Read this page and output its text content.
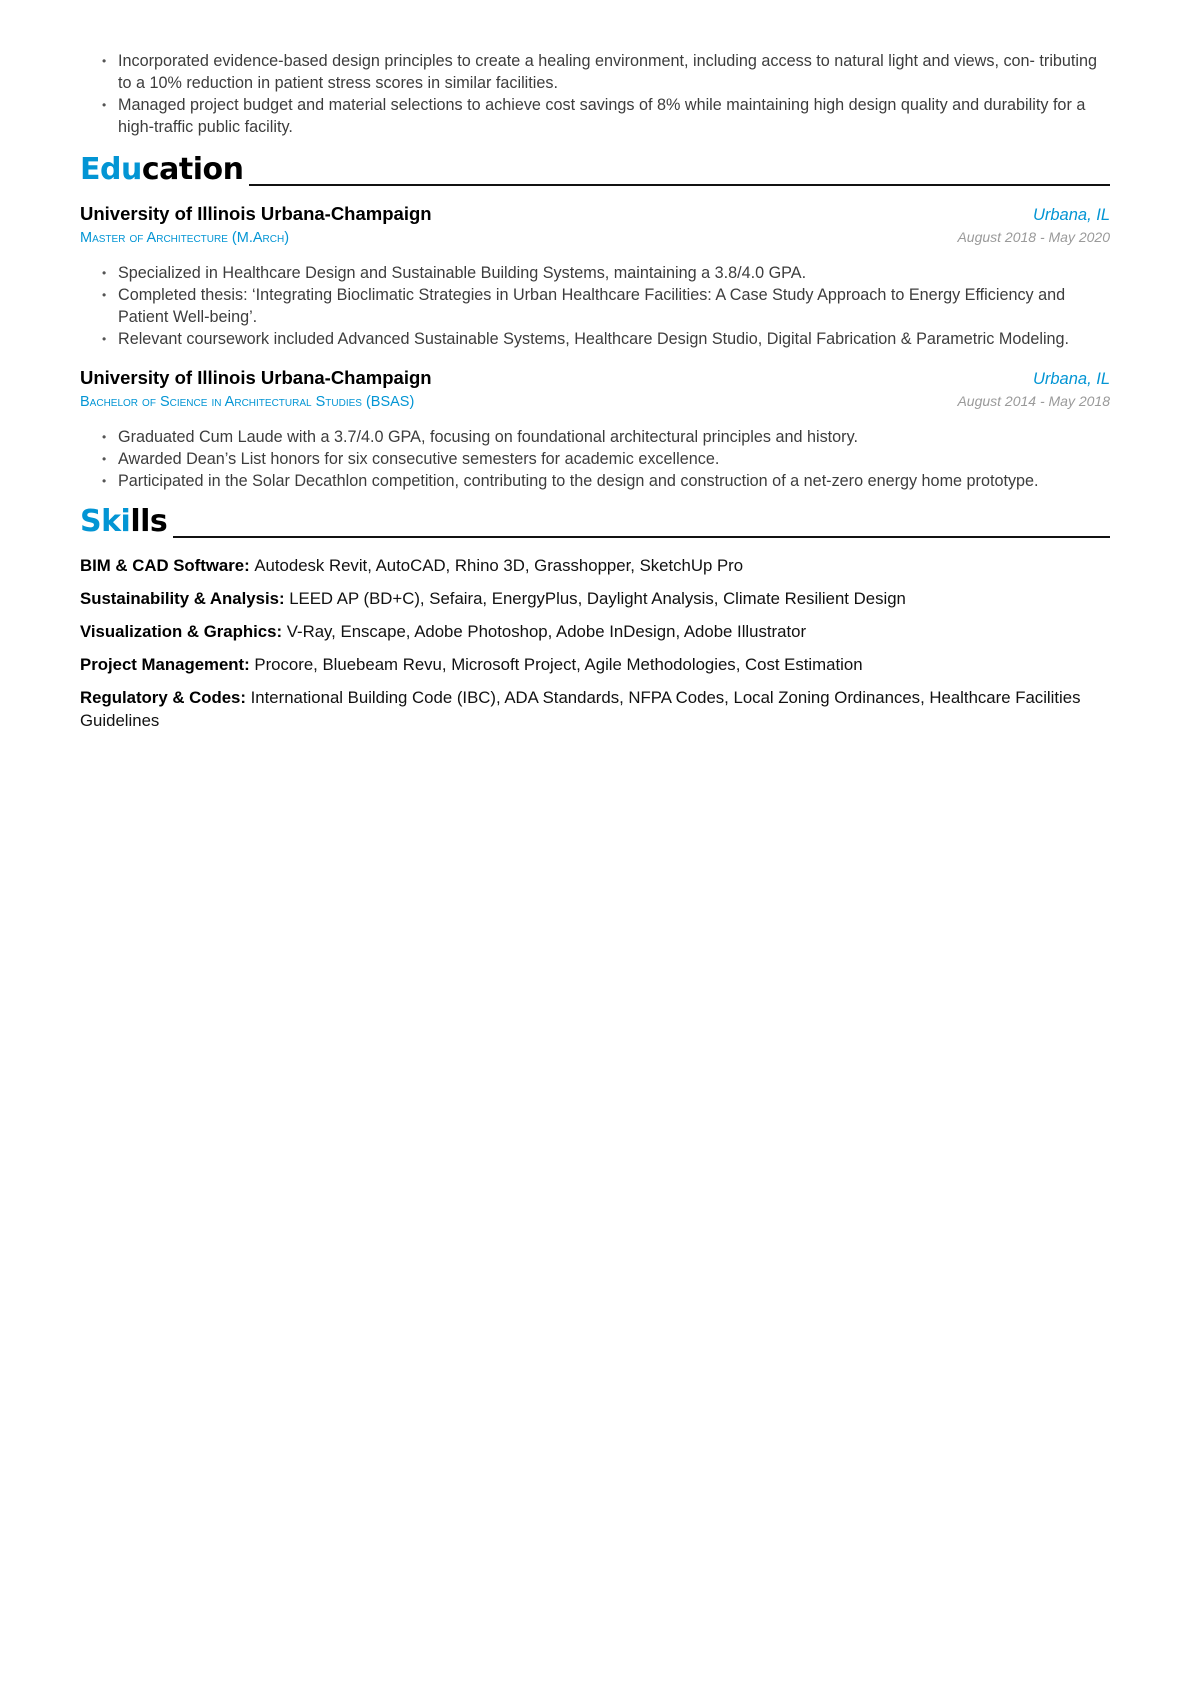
• Incorporated evidence-based design principles to create a healing environment, including access to natural light and views, con- tributing to a 10% reduction in patient stress scores in similar facilities.
• Managed project budget and material selections to achieve cost savings of 8% while maintaining high design quality and durability for a high-traffic public facility.
Education
University of Illinois Urbana-Champaign	Urbana, IL
Master of Architecture (M.Arch)	August 2018 - May 2020
• Specialized in Healthcare Design and Sustainable Building Systems, maintaining a 3.8/4.0 GPA.
• Completed thesis: ‘Integrating Bioclimatic Strategies in Urban Healthcare Facilities: A Case Study Approach to Energy Efficiency and Patient Well-being’.
• Relevant coursework included Advanced Sustainable Systems, Healthcare Design Studio, Digital Fabrication & Parametric Modeling.
University of Illinois Urbana-Champaign	Urbana, IL
Bachelor of Science in Architectural Studies (BSAS)	August 2014 - May 2018
• Graduated Cum Laude with a 3.7/4.0 GPA, focusing on foundational architectural principles and history.
• Awarded Dean’s List honors for six consecutive semesters for academic excellence.
• Participated in the Solar Decathlon competition, contributing to the design and construction of a net-zero energy home prototype.
Skills
BIM & CAD Software: Autodesk Revit, AutoCAD, Rhino 3D, Grasshopper, SketchUp Pro
Sustainability & Analysis: LEED AP (BD+C), Sefaira, EnergyPlus, Daylight Analysis, Climate Resilient Design
Visualization & Graphics: V-Ray, Enscape, Adobe Photoshop, Adobe InDesign, Adobe Illustrator
Project Management: Procore, Bluebeam Revu, Microsoft Project, Agile Methodologies, Cost Estimation
Regulatory & Codes: International Building Code (IBC), ADA Standards, NFPA Codes, Local Zoning Ordinances, Healthcare Facilities Guidelines
